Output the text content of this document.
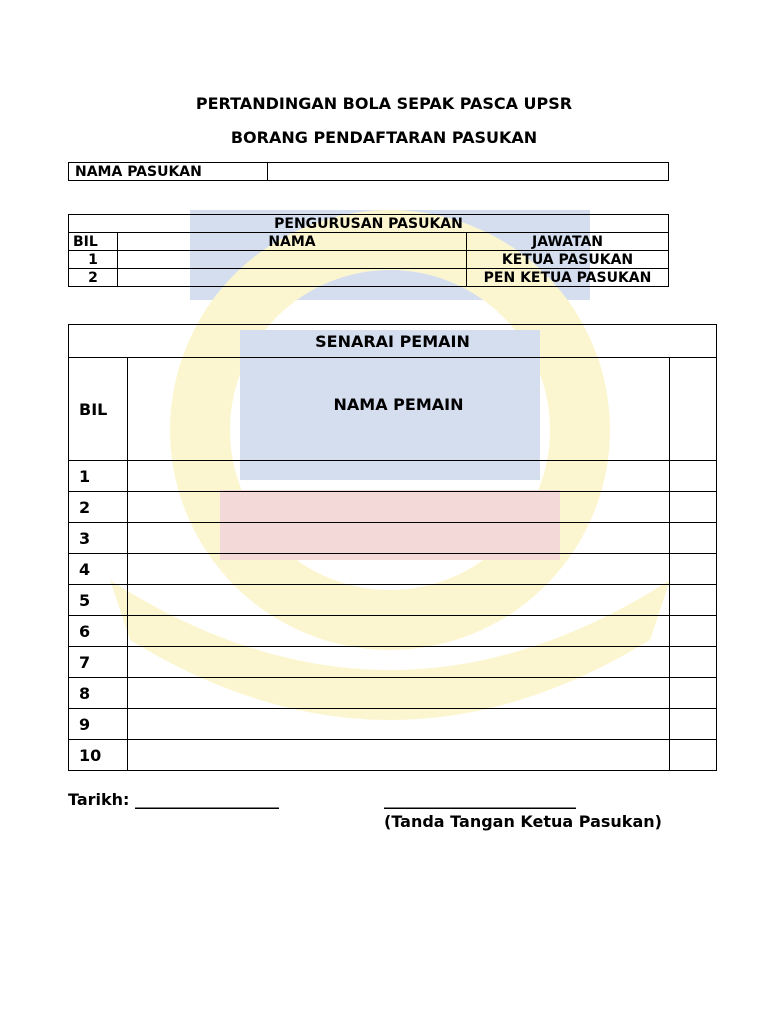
PERTANDINGAN BOLA SEPAK PASCA UPSR
BORANG PENDAFTARAN PASUKAN
NAMA PASUKAN	
PENGURUSAN PASUKAN		
BIL	NAMA	JAWATAN
1		KETUA PASUKAN
2		PEN KETUA PASUKAN
SENARAI PEMAIN		
BIL	NAMA PEMAIN	
1		
2		
3		
4		
5		
6		
7		
8		
9		
10		
Tarikh: __________________	________________________
(Tanda Tangan Ketua Pasukan)
